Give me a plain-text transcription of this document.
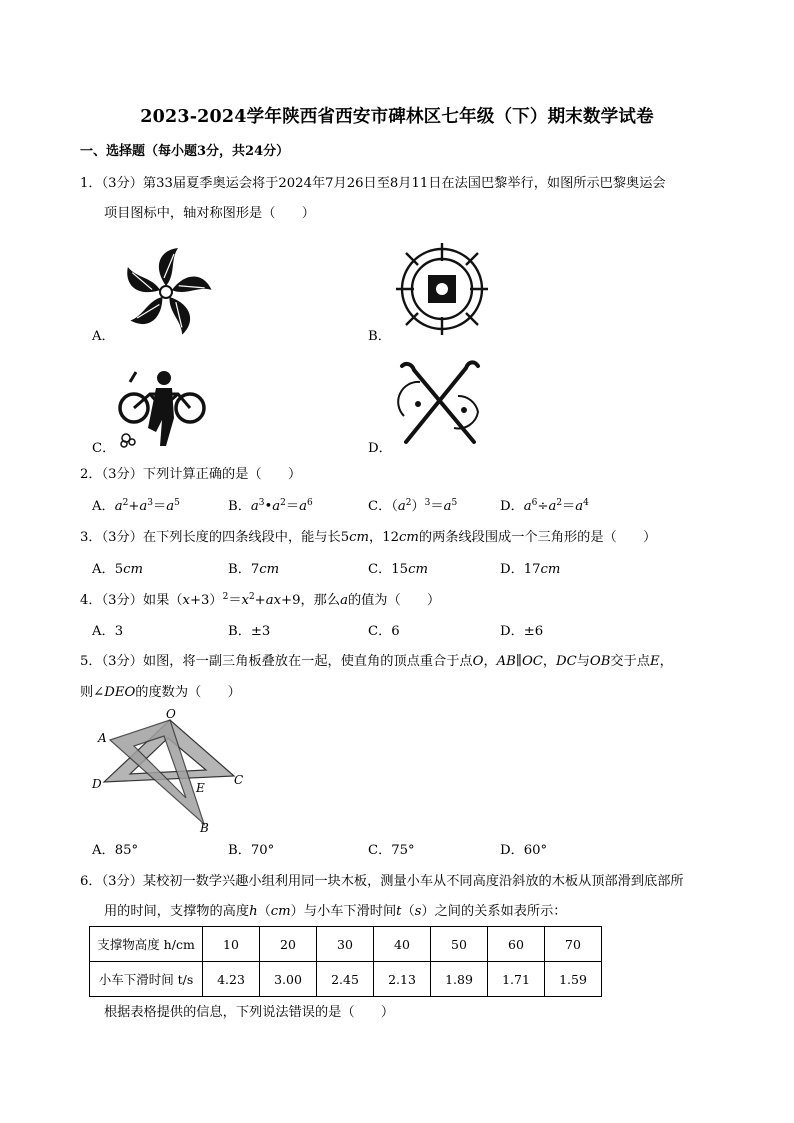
2023-2024学年陕西省西安市碑林区七年级（下）期末数学试卷
一、选择题（每小题3分，共24分）
1．（3分）第33届夏季奥运会将于2024年7月26日至8月11日在法国巴黎举行，如图所示巴黎奥运会
项目图标中，轴对称图形是（　　）
A．	B．
C．	D．
2．（3分）下列计算正确的是（　　）
A．$a^2+a^3=a^5$	B．$a^3•a^2=a^6$	C．$(a^2)^3=a^5$	D．$a^6\div a^2=a^4$
3．（3分）在下列长度的四条线段中，能与长5cm，12cm的两条线段围成一个三角形的是（　　）
A．5cm	B．7cm	C．15cm	D．17cm
4．（3分）如果$(x+3)^2=x^2+ax+9$，那么a的值为（　　）
A．3	B．±3	C．6	D．±6
5．（3分）如图，将一副三角板叠放在一起，使直角的顶点重合于点O，AB∥OC，DC与OB交于点E，
则∠DEO的度数为（　　）
O
A
D	E
C
B
A．85°	B．70°	C．75°	D．60°
6．（3分）某校初一数学兴趣小组利用同一块木板，测量小车从不同高度沿斜放的木板从顶部滑到底部所
用的时间，支撑物的高度h（cm）与小车下滑时间t（s）之间的关系如表所示：
支撑物高度 h/cm	10	20	30	40	50	60	70
小车下滑时间 t/s	4.23	3.00	2.45	2.13	1.89	1.71	1.59
根据表格提供的信息，下列说法错误的是（　　）
